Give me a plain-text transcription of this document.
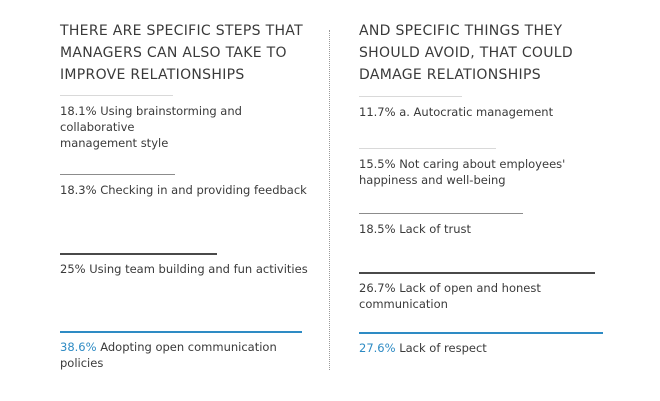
THERE ARE SPECIFIC STEPS THAT
MANAGERS CAN ALSO TAKE TO
IMPROVE RELATIONSHIPS
18.1% Using brainstorming and collaborative
management style
18.3% Checking in and providing feedback
25% Using team building and fun activities
38.6% Adopting open communication
policies
AND SPECIFIC THINGS THEY
SHOULD AVOID, THAT COULD
DAMAGE RELATIONSHIPS
11.7% a. Autocratic management
15.5% Not caring about employees'
happiness and well-being
18.5% Lack of trust
26.7% Lack of open and honest
communication
27.6% Lack of respect
